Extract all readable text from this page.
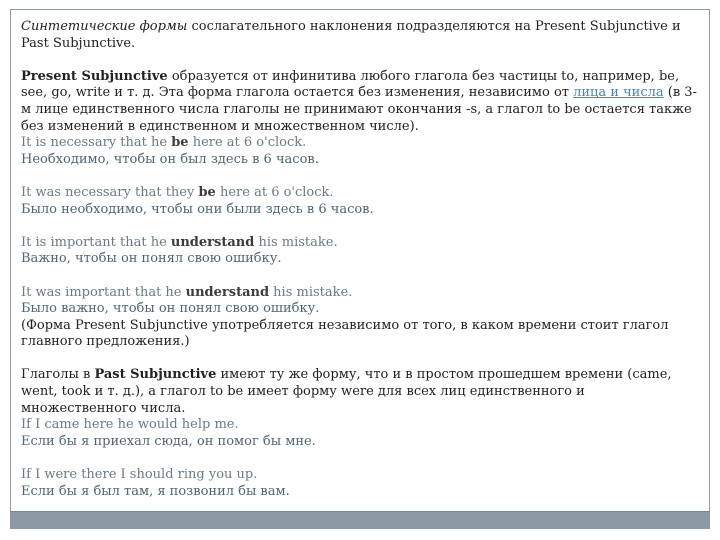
Синтетические формы сослагательного наклонения подразделяются на Present Subjunctive и Past Subjunctive.

Present Subjunctive образуется от инфинитива любого глагола без частицы to, например, be, see, go, write и т. д. Эта форма глагола остается без изменения, независимо от лица и числа (в 3-м лице единственного числа глаголы не принимают окончания -s, а глагол to be остается также без изменений в единственном и множественном числе).

It is necessary that he be here at 6 o'clock.

Необходимо, чтобы он был здесь в 6 часов.

It was necessary that they be here at 6 o'clock.

Было необходимо, чтобы они были здесь в 6 часов.

It is important that he understand his mistake.

Важно, чтобы он понял свою ошибку.

It was important that he understand his mistake.

Было важно, чтобы он понял свою ошибку.

(Форма Present Subjunctive употребляется независимо от того, в каком времени стоит глагол главного предложения.)

Глаголы в Past Subjunctive имеют ту же форму, что и в простом прошедшем времени (came, went, took и т. д.), а глагол to be имеет форму were для всех лиц единственного и множественного числа.

If I came here he would help me.

Если бы я приехал сюда, он помог бы мне.

If I were there I should ring you up.

Если бы я был там, я позвонил бы вам.
